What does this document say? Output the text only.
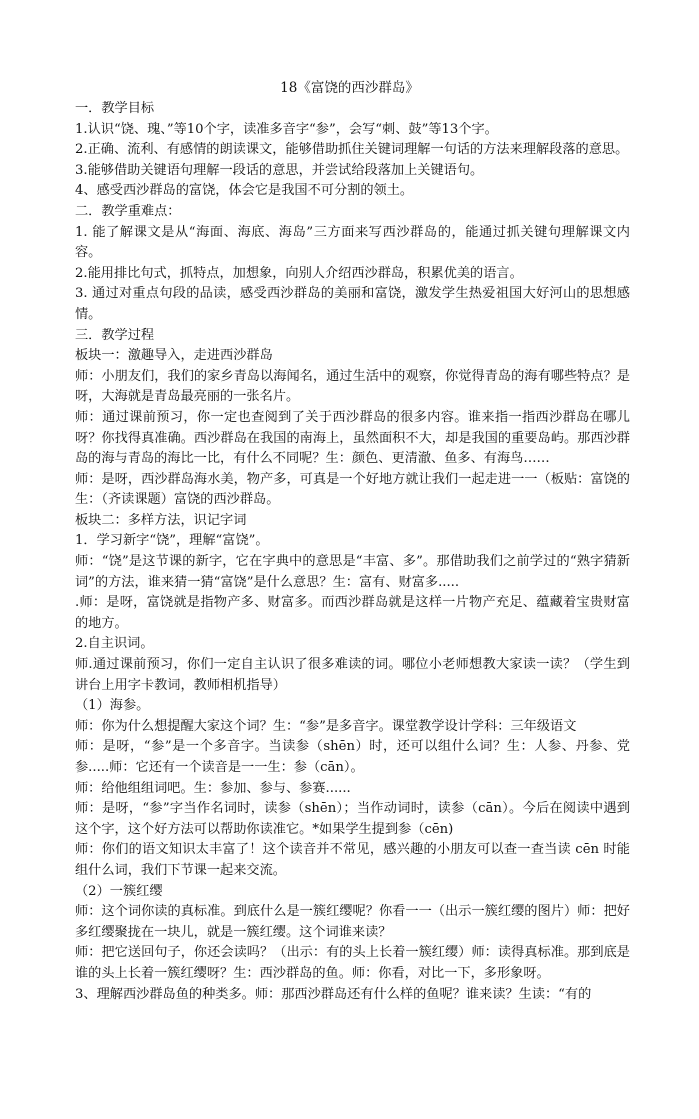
18《富饶的西沙群岛》

一．教学目标

1.认识“饶、瑰、”等10个字，读准多音字“参”，会写“刺、鼓”等13个字。

2.正确、流利、有感情的朗读课文，能够借助抓住关键词理解一句话的方法来理解段落的意思。

3.能够借助关键语句理解一段话的意思，并尝试给段落加上关键语句。

4、感受西沙群岛的富饶，体会它是我国不可分割的领土。

二．教学重难点：

1. 能了解课文是从“海面、海底、海岛”三方面来写西沙群岛的，能通过抓关键句理解课文内容。

2.能用排比句式，抓特点，加想象，向别人介绍西沙群岛，积累优美的语言。

3. 通过对重点句段的品读，感受西沙群岛的美丽和富饶，激发学生热爱祖国大好河山的思想感情。

三．教学过程

板块一：激趣导入，走进西沙群岛

师：小朋友们，我们的家乡青岛以海闻名，通过生活中的观察，你觉得青岛的海有哪些特点？是呀，大海就是青岛最亮丽的一张名片。

师：通过课前预习，你一定也查阅到了关于西沙群岛的很多内容。谁来指一指西沙群岛在哪儿呀？你找得真准确。西沙群岛在我国的南海上，虽然面积不大，却是我国的重要岛屿。那西沙群岛的海与青岛的海比一比，有什么不同呢？生：颜色、更清澈、鱼多、有海鸟……

师：是呀，西沙群岛海水美，物产多，可真是一个好地方就让我们一起走进一一（板贴：富饶的生：（齐读课题）富饶的西沙群岛。

板块二：多样方法，识记字词

1．学习新字“饶”，理解“富饶”。

师：“饶”是这节课的新字，它在字典中的意思是“丰富、多”。那借助我们之前学过的“熟字猜新词”的方法，谁来猜一猜“富饶”是什么意思？生：富有、财富多.....

.师：是呀，富饶就是指物产多、财富多。而西沙群岛就是这样一片物产充足、蕴藏着宝贵财富的地方。

2.自主识词。

师.通过课前预习，你们一定自主认识了很多难读的词。哪位小老师想教大家读一读？（学生到讲台上用字卡教词，教师相机指导）

（1）海参。

师：你为什么想提醒大家这个词？生：“参”是多音字。课堂教学设计学科：三年级语文

师：是呀，“参”是一个多音字。当读参（shēn）时，还可以组什么词？生：人参、丹参、党参.....师：它还有一个读音是一一生：参（cān）。

师：给他组组词吧。生：参加、参与、参赛......

师：是呀，“参”字当作名词时，读参（shēn）；当作动词时，读参（cān）。今后在阅读中遇到这个字，这个好方法可以帮助你读准它。*如果学生提到参（cēn)

师：你们的语文知识太丰富了！这个读音并不常见，感兴趣的小朋友可以查一查当读 cēn 时能组什么词，我们下节课一起来交流。

（2）一簇红缨

师：这个词你读的真标准。到底什么是一簇红缨呢？你看一一（出示一簇红缨的图片）师：把好多红缨聚拢在一块儿，就是一簇红缨。这个词谁来读？

师：把它送回句子，你还会读吗？（出示：有的头上长着一簇红缨）师：读得真标准。那到底是谁的头上长着一簇红缨呀？生：西沙群岛的鱼。师：你看，对比一下，多形象呀。

3、理解西沙群岛鱼的种类多。师：那西沙群岛还有什么样的鱼呢？谁来读？生读：“有的
